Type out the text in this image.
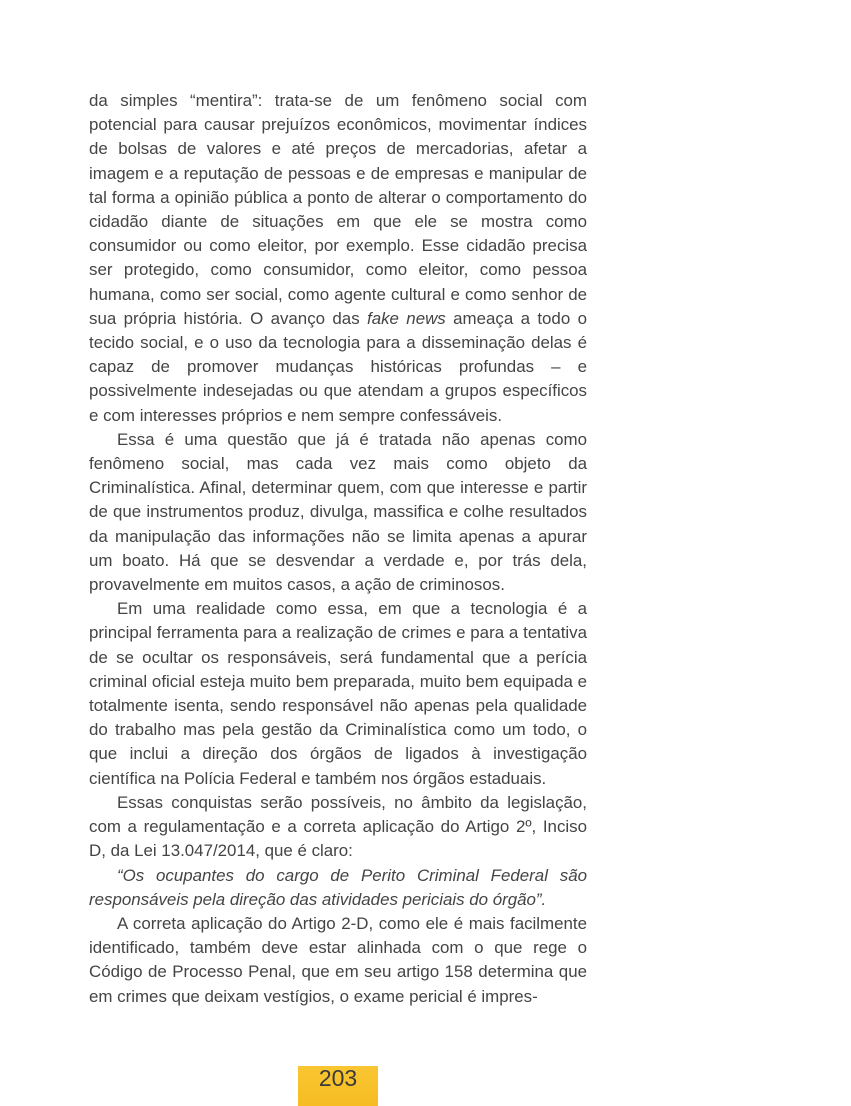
da simples “mentira”: trata-se de um fenômeno social com potencial para causar prejuízos econômicos, movimentar índices de bolsas de valores e até preços de mercadorias, afetar a imagem e a reputação de pessoas e de empresas e manipular de tal forma a opinião pública a ponto de alterar o comportamento do cidadão diante de situações em que ele se mostra como consumidor ou como eleitor, por exemplo. Esse cidadão precisa ser protegido, como consumidor, como eleitor, como pessoa humana, como ser social, como agente cultural e como senhor de sua própria história. O avanço das fake news ameaça a todo o tecido social, e o uso da tecnologia para a disseminação delas é capaz de promover mudanças históricas profundas – e possivelmente indesejadas ou que atendam a grupos específicos e com interesses próprios e nem sempre confessáveis.

Essa é uma questão que já é tratada não apenas como fenômeno social, mas cada vez mais como objeto da Criminalística. Afinal, determinar quem, com que interesse e partir de que instrumentos produz, divulga, massifica e colhe resultados da manipulação das informações não se limita apenas a apurar um boato. Há que se desvendar a verdade e, por trás dela, provavelmente em muitos casos, a ação de criminosos.

Em uma realidade como essa, em que a tecnologia é a principal ferramenta para a realização de crimes e para a tentativa de se ocultar os responsáveis, será fundamental que a perícia criminal oficial esteja muito bem preparada, muito bem equipada e totalmente isenta, sendo responsável não apenas pela qualidade do trabalho mas pela gestão da Criminalística como um todo, o que inclui a direção dos órgãos de ligados à investigação científica na Polícia Federal e também nos órgãos estaduais.

Essas conquistas serão possíveis, no âmbito da legislação, com a regulamentação e a correta aplicação do Artigo 2º, Inciso D, da Lei 13.047/2014, que é claro:

“Os ocupantes do cargo de Perito Criminal Federal são responsáveis pela direção das atividades periciais do órgão”.

A correta aplicação do Artigo 2-D, como ele é mais facilmente identificado, também deve estar alinhada com o que rege o Código de Processo Penal, que em seu artigo 158 determina que em crimes que deixam vestígios, o exame pericial é impres-

203
